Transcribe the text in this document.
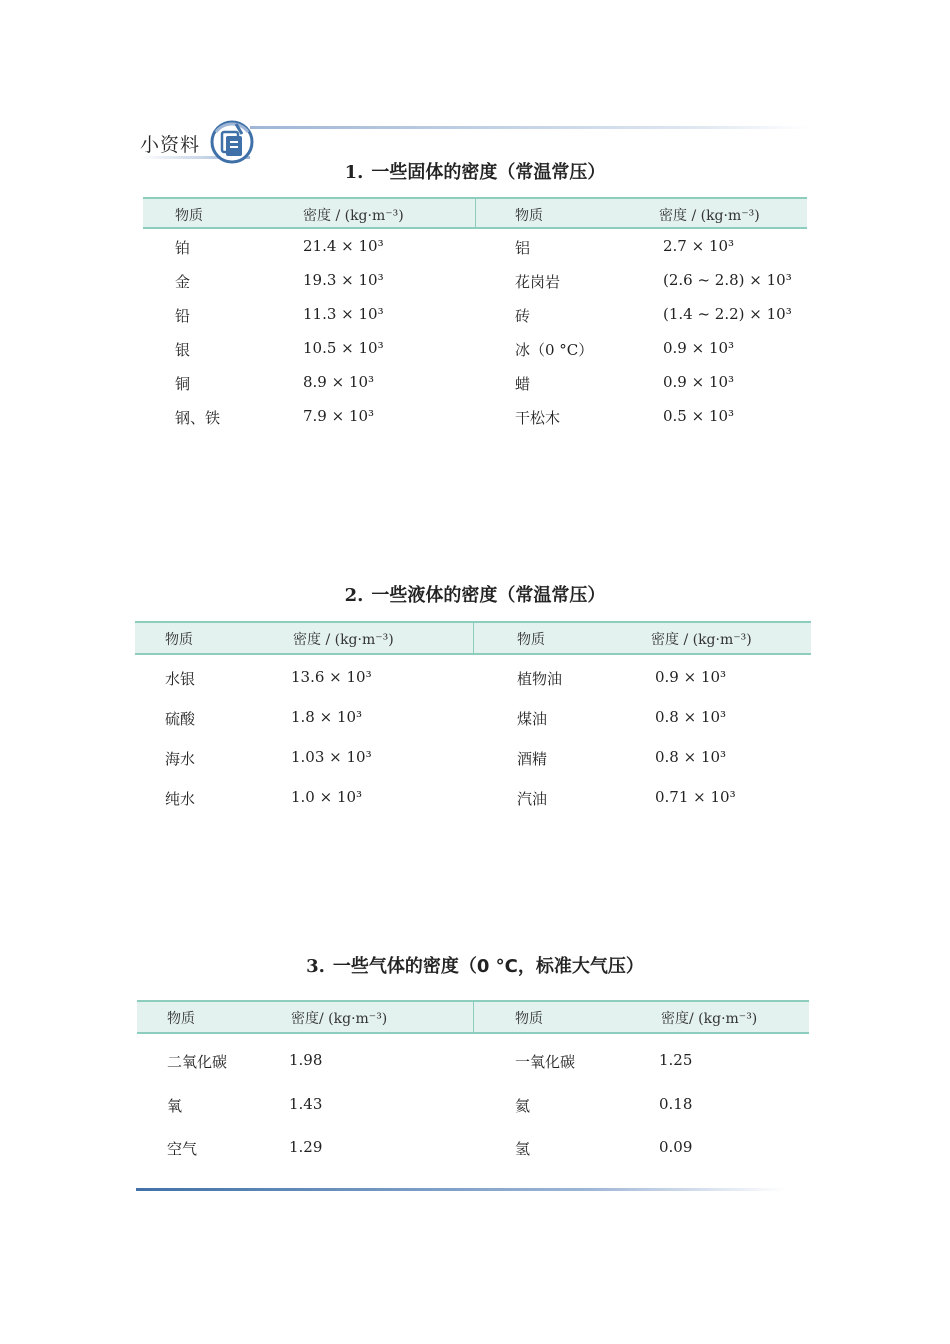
小资料
1. 一些固体的密度（常温常压）
物质	密度 / (kg·m⁻³)	物质	密度 / (kg·m⁻³)
铂	21.4 × 10³	铝	2.7 × 10³
金	19.3 × 10³	花岗岩	(2.6 ~ 2.8) × 10³
铅	11.3 × 10³	砖	(1.4 ~ 2.2) × 10³
银	10.5 × 10³	冰（0 °C）	0.9 × 10³
铜	8.9 × 10³	蜡	0.9 × 10³
钢、铁	7.9 × 10³	干松木	0.5 × 10³
2. 一些液体的密度（常温常压）
物质	密度 / (kg·m⁻³)	物质	密度 / (kg·m⁻³)
水银	13.6 × 10³	植物油	0.9 × 10³
硫酸	1.8 × 10³	煤油	0.8 × 10³
海水	1.03 × 10³	酒精	0.8 × 10³
纯水	1.0 × 10³	汽油	0.71 × 10³
3. 一些气体的密度（0 °C，标准大气压）
物质	密度/ (kg·m⁻³)	物质	密度/ (kg·m⁻³)
二氧化碳	1.98	一氧化碳	1.25
氧	1.43	氦	0.18
空气	1.29	氢	0.09
